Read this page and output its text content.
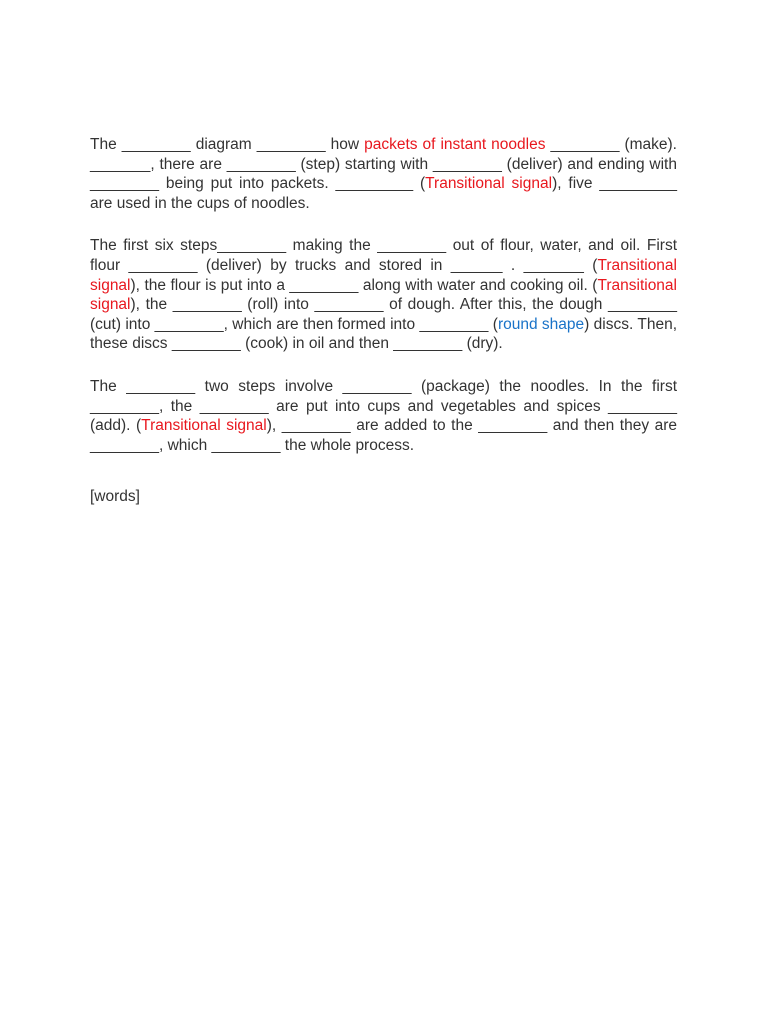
The ________ diagram ________ how packets of instant noodles ________ (make). _______, there are ________ (step) starting with ________ (deliver) and ending with ________ being put into packets. _________ (Transitional signal), five _________ are used in the cups of noodles.

The first six steps________ making the ________ out of flour, water, and oil. First flour ________ (deliver) by trucks and stored in ______ . _______ (Transitional signal), the flour is put into a ________ along with water and cooking oil. (Transitional signal), the ________ (roll) into ________ of dough. After this, the dough ________ (cut) into ________, which are then formed into ________ (round shape) discs. Then, these discs ________ (cook) in oil and then ________ (dry).

The ________ two steps involve ________ (package) the noodles. In the first ________, the ________ are put into cups and vegetables and spices ________ (add). (Transitional signal), ________ are added to the ________ and then they are ________, which ________ the whole process.

[words]
